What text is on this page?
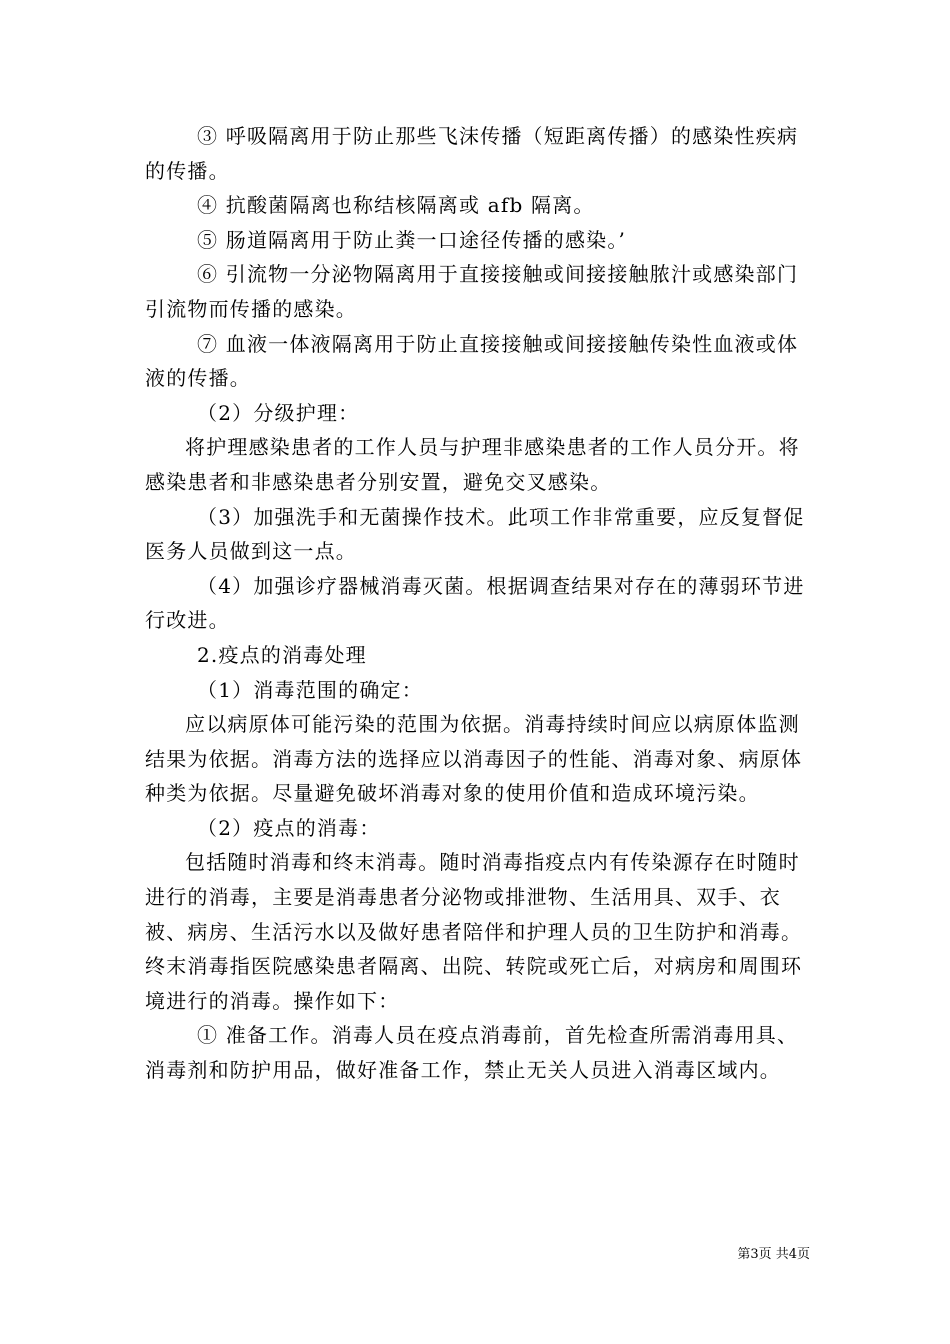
③ 呼吸隔离用于防止那些飞沫传播（短距离传播）的感染性疾病的传播。

④ 抗酸菌隔离也称结核隔离或 afb 隔离。

⑤ 肠道隔离用于防止粪一口途径传播的感染。’

⑥ 引流物一分泌物隔离用于直接接触或间接接触脓汁或感染部门引流物而传播的感染。

⑦ 血液一体液隔离用于防止直接接触或间接接触传染性血液或体液的传播。

（2）分级护理：

将护理感染患者的工作人员与护理非感染患者的工作人员分开。将感染患者和非感染患者分别安置，避免交叉感染。

（3）加强洗手和无菌操作技术。此项工作非常重要，应反复督促医务人员做到这一点。

（4）加强诊疗器械消毒灭菌。根据调查结果对存在的薄弱环节进行改进。

2.疫点的消毒处理

（1）消毒范围的确定：

应以病原体可能污染的范围为依据。消毒持续时间应以病原体监测结果为依据。消毒方法的选择应以消毒因子的性能、消毒对象、病原体种类为依据。尽量避免破坏消毒对象的使用价值和造成环境污染。

（2）疫点的消毒：

包括随时消毒和终末消毒。随时消毒指疫点内有传染源存在时随时进行的消毒，主要是消毒患者分泌物或排泄物、生活用具、双手、衣被、病房、生活污水以及做好患者陪伴和护理人员的卫生防护和消毒。终末消毒指医院感染患者隔离、出院、转院或死亡后，对病房和周围环境进行的消毒。操作如下：

① 准备工作。消毒人员在疫点消毒前，首先检查所需消毒用具、消毒剂和防护用品，做好准备工作，禁止无关人员进入消毒区域内。

第3页 共4页
